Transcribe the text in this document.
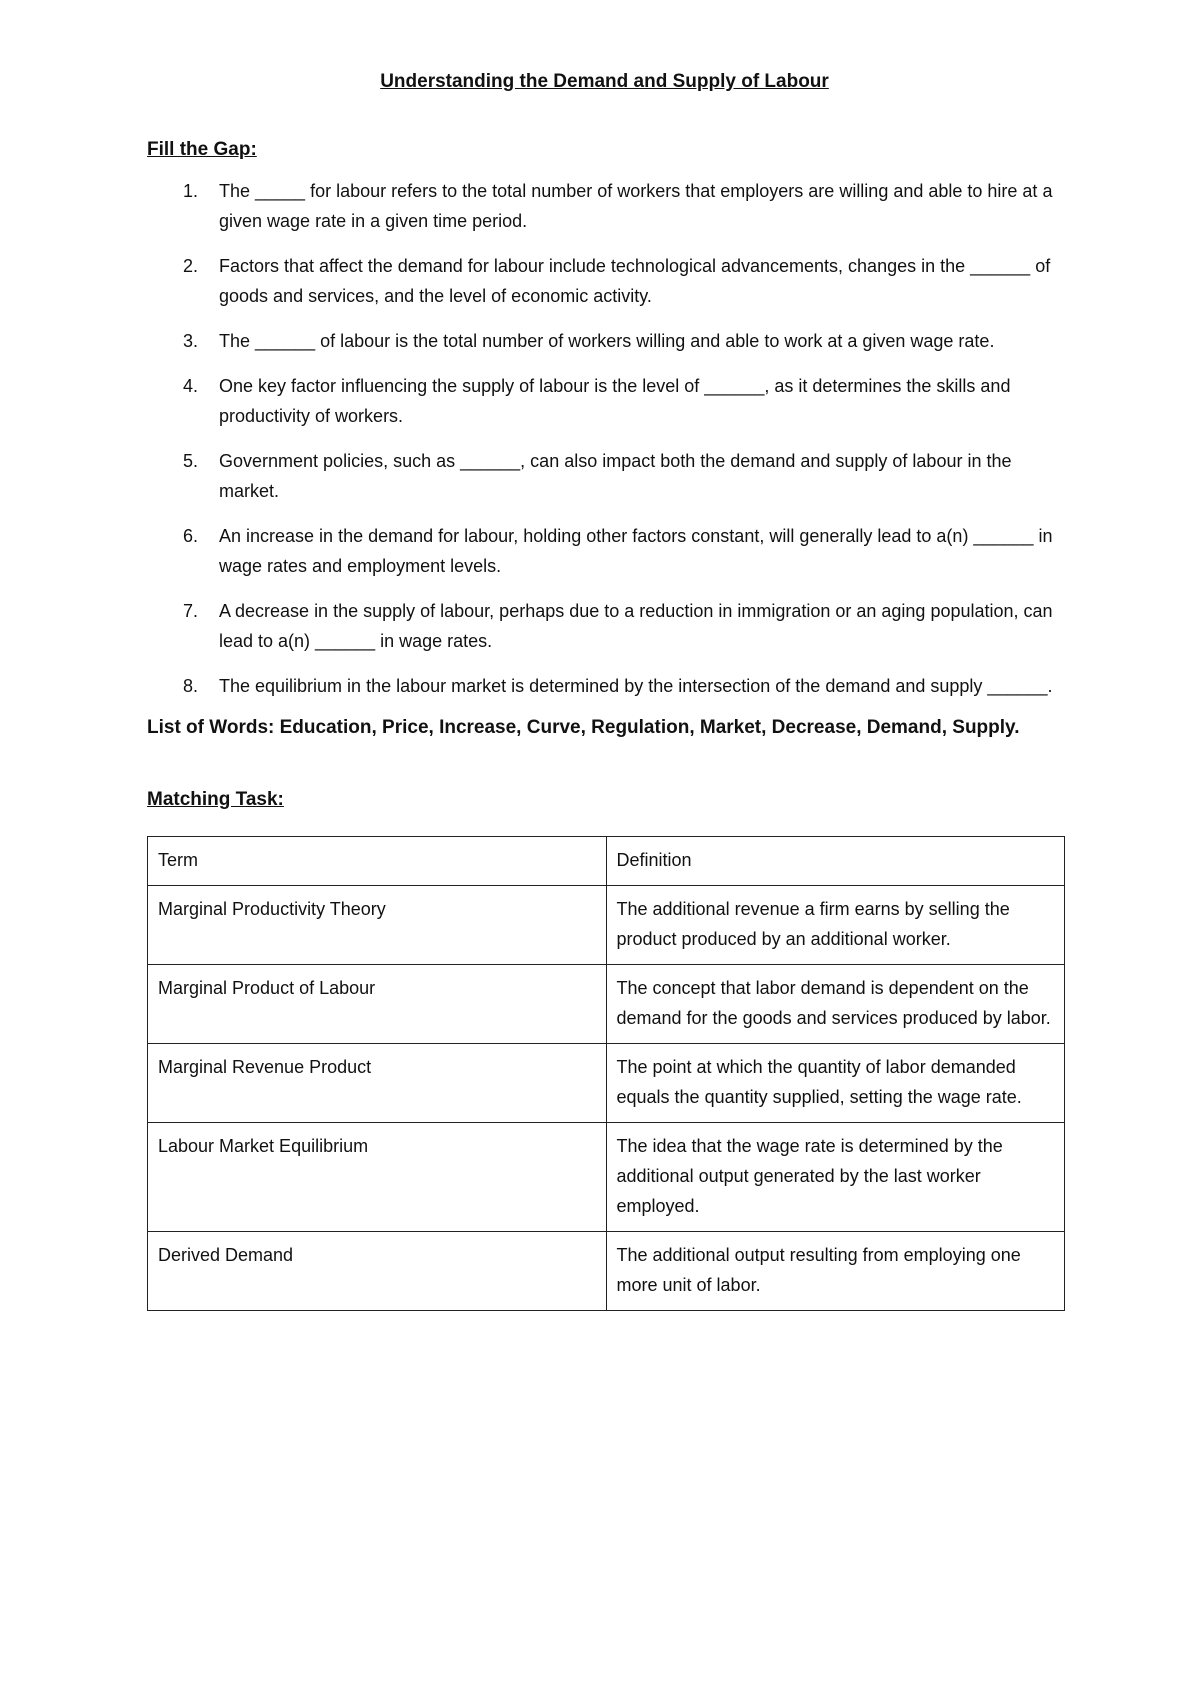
Understanding the Demand and Supply of Labour
Fill the Gap:
1. The _____ for labour refers to the total number of workers that employers are willing and able to hire at a given wage rate in a given time period.
2. Factors that affect the demand for labour include technological advancements, changes in the ______ of goods and services, and the level of economic activity.
3. The ______ of labour is the total number of workers willing and able to work at a given wage rate.
4. One key factor influencing the supply of labour is the level of ______, as it determines the skills and productivity of workers.
5. Government policies, such as ______, can also impact both the demand and supply of labour in the market.
6. An increase in the demand for labour, holding other factors constant, will generally lead to a(n) ______ in wage rates and employment levels.
7. A decrease in the supply of labour, perhaps due to a reduction in immigration or an aging population, can lead to a(n) ______ in wage rates.
8. The equilibrium in the labour market is determined by the intersection of the demand and supply ______.
List of Words: Education, Price, Increase, Curve, Regulation, Market, Decrease, Demand, Supply.
Matching Task:
Term	Definition
Marginal Productivity Theory	The additional revenue a firm earns by selling the product produced by an additional worker.
Marginal Product of Labour	The concept that labor demand is dependent on the demand for the goods and services produced by labor.
Marginal Revenue Product	The point at which the quantity of labor demanded equals the quantity supplied, setting the wage rate.
Labour Market Equilibrium	The idea that the wage rate is determined by the additional output generated by the last worker employed.
Derived Demand	The additional output resulting from employing one more unit of labor.
